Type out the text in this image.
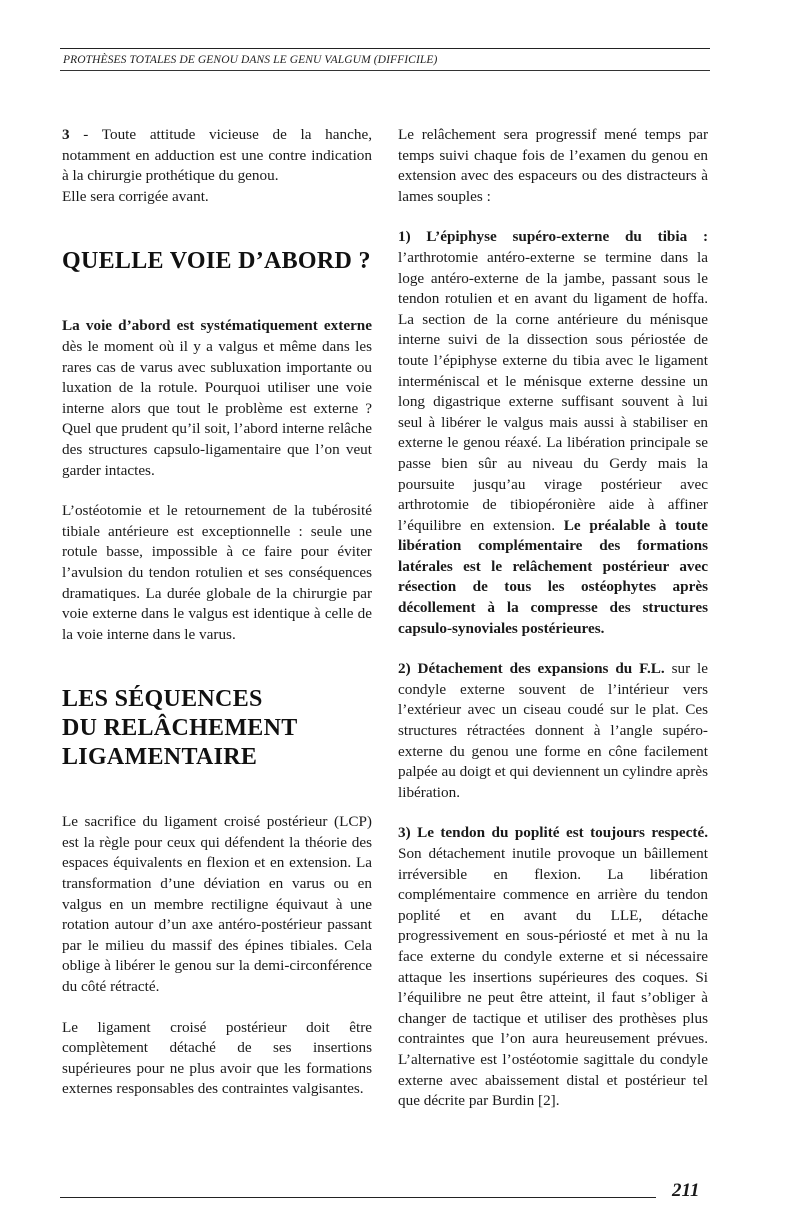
PROTHÈSES TOTALES DE GENOU DANS LE GENU VALGUM (DIFFICILE)

3 - Toute attitude vicieuse de la hanche, notamment en adduction est une contre indication à la chirurgie prothétique du genou.
Elle sera corrigée avant.

QUELLE VOIE D’ABORD ?

La voie d’abord est systématiquement externe dès le moment où il y a valgus et même dans les rares cas de varus avec subluxation importante ou luxation de la rotule. Pourquoi utiliser une voie interne alors que tout le problème est externe ? Quel que prudent qu’il soit, l’abord interne relâche des structures capsulo-ligamentaire que l’on veut garder intactes.

L’ostéotomie et le retournement de la tubérosité tibiale antérieure est exceptionnelle : seule une rotule basse, impossible à ce faire pour éviter l’avulsion du tendon rotulien et ses conséquences dramatiques. La durée globale de la chirurgie par voie externe dans le valgus est identique à celle de la voie interne dans le varus.

LES SÉQUENCES
DU RELÂCHEMENT
LIGAMENTAIRE

Le sacrifice du ligament croisé postérieur (LCP) est la règle pour ceux qui défendent la théorie des espaces équivalents en flexion et en extension. La transformation d’une déviation en varus ou en valgus en un membre rectiligne équivaut à une rotation autour d’un axe antéro-postérieur passant par le milieu du massif des épines tibiales. Cela oblige à libérer le genou sur la demi-circonférence du côté rétracté.

Le ligament croisé postérieur doit être complètement détaché de ses insertions supérieures pour ne plus avoir que les formations externes responsables des contraintes valgisantes.

Le relâchement sera progressif mené temps par temps suivi chaque fois de l’examen du genou en extension avec des espaceurs ou des distracteurs à lames souples :

1) L’épiphyse supéro-externe du tibia : l’arthrotomie antéro-externe se termine dans la loge antéro-externe de la jambe, passant sous le tendon rotulien et en avant du ligament de hoffa. La section de la corne antérieure du ménisque interne suivi de la dissection sous périostée de toute l’épiphyse externe du tibia avec le ligament interméniscal et le ménisque externe dessine un long digastrique externe suffisant souvent à lui seul à libérer le valgus mais aussi à stabiliser en externe le genou réaxé. La libération principale se passe bien sûr au niveau du Gerdy mais la poursuite jusqu’au virage postérieur avec arthrotomie de tibiopéronière aide à affiner l’équilibre en extension. Le préalable à toute libération complémentaire des formations latérales est le relâchement postérieur avec résection de tous les ostéophytes après décollement à la compresse des structures capsulo-synoviales postérieures.

2) Détachement des expansions du F.L. sur le condyle externe souvent de l’intérieur vers l’extérieur avec un ciseau coudé sur le plat. Ces structures rétractées donnent à l’angle supéro-externe du genou une forme en cône facilement palpée au doigt et qui deviennent un cylindre après libération.

3) Le tendon du poplité est toujours respecté. Son détachement inutile provoque un bâillement irréversible en flexion. La libération complémentaire commence en arrière du tendon poplité et en avant du LLE, détache progressivement en sous-périosté et met à nu la face externe du condyle externe et si nécessaire attaque les insertions supérieures des coques. Si l’équilibre ne peut être atteint, il faut s’obliger à changer de tactique et utiliser des prothèses plus contraintes que l’on aura heureusement prévues. L’alternative est l’ostéotomie sagittale du condyle externe avec abaissement distal et postérieur tel que décrite par Burdin [2].

211
